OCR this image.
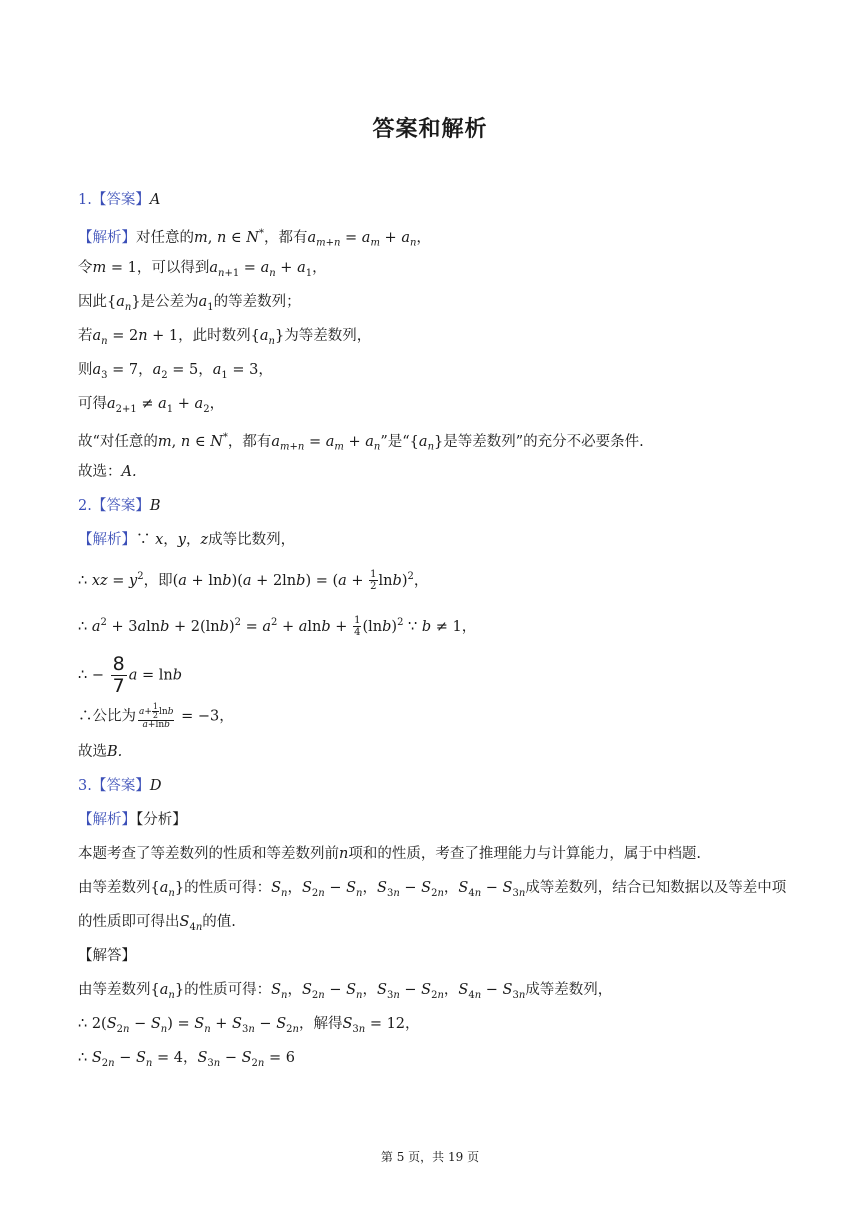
答案和解析
1.【答案】A
【解析】对任意的m, n ∈ N*，都有$a_{m+n} = a_m + a_n$，
令m = 1，可以得到$a_{n+1} = a_n + a_1$，
因此$\{a_n\}$是公差为$a_1$的等差数列；
若$a_n = 2n + 1$，此时数列$\{a_n\}$为等差数列，
则$a_3 = 7$，$a_2 = 5$，$a_1 = 3$，
可得$a_{2+1} \ne a_1 + a_2$，
故“对任意的m, n ∈ N*，都有$a_{m+n} = a_m + a_n$”是“$\{a_n\}$是等差数列”的充分不必要条件.
故选：A.
2.【答案】B
【解析】∵ x，y，z成等比数列，
∴ xz = $y^2$，即$(a + \ln b)(a + 2\ln b) = (a + \frac{1}{2} \ln b)^2$，
∴ $a^2 + 3alnb + 2(\ln b)^2 = a^2 + alnb + \frac{1}{4} (\ln b)^2$ ∵ b ≠ 1，
∴ − $\frac{8}{7}$ a = lnb
∴公比为 $\frac{a+ \frac{1}{2} \ln b}{a+\ln b} = -3$，
故选B.
3.【答案】D
【解析】【分析】
本题考查了等差数列的性质和等差数列前n项和的性质，考查了推理能力与计算能力，属于中档题.
由等差数列$\{a_n\}$的性质可得：$S_n$，$S_{2n} - S_n$，$S_{3n} - S_{2n}$，$S_{4n} - S_{3n}$成等差数列，结合已知数据以及等差中项
的性质即可得出$S_{4n}$的值.
【解答】
由等差数列$\{a_n\}$的性质可得：$S_n$，$S_{2n} - S_n$，$S_{3n} - S_{2n}$，$S_{4n} - S_{3n}$成等差数列，
∴ $2(S_{2n} - S_n) = S_n + S_{3n} - S_{2n}$，解得$S_{3n} = 12$，
∴ $S_{2n} - S_n = 4$，$S_{3n} - S_{2n} = 6$
第 5 页，共 19 页
